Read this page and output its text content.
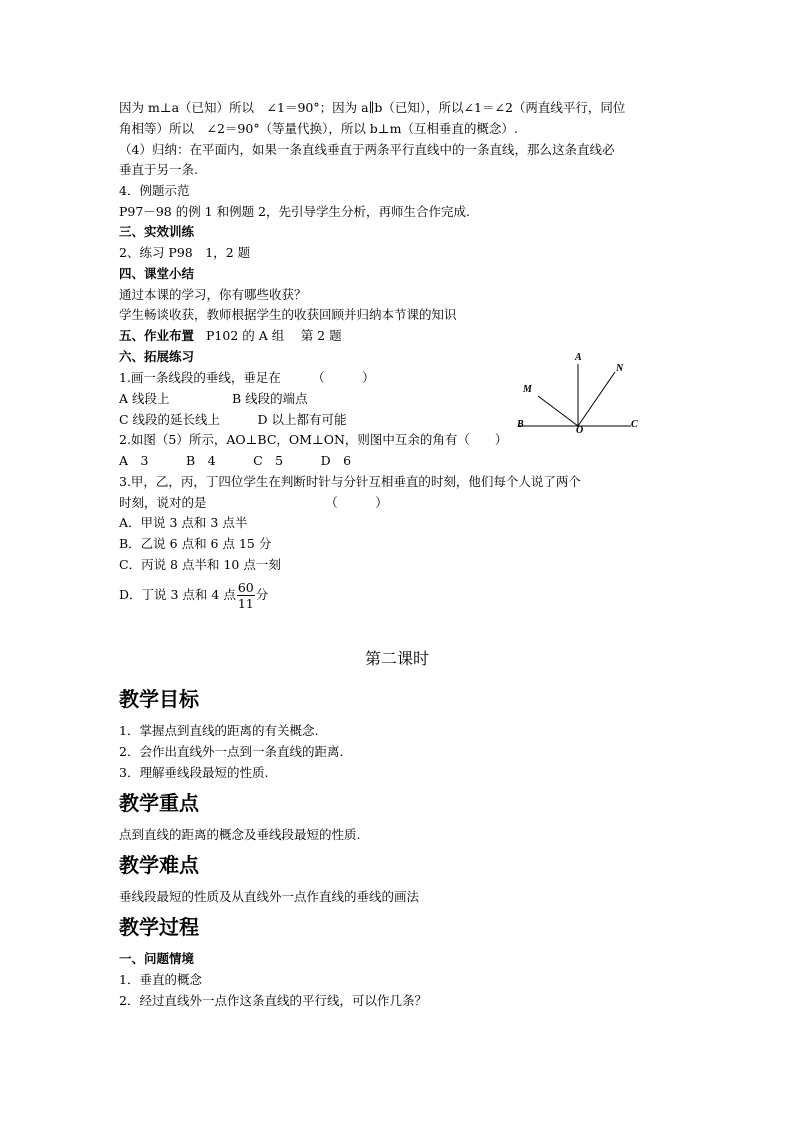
因为 m⊥a（已知）所以　∠1＝90°；因为 a∥b（已知），所以∠1＝∠2（两直线平行，同位
角相等）所以　∠2＝90°（等量代换），所以 b⊥m（互相垂直的概念）.
（4）归纳：在平面内，如果一条直线垂直于两条平行直线中的一条直线，那么这条直线必
垂直于另一条.
4．例题示范
P97－98 的例 1 和例题 2，先引导学生分析，再师生合作完成.
三、实效训练
2、练习 P98　1，2 题
四、课堂小结
通过本课的学习，你有哪些收获？
学生畅谈收获，教师根据学生的收获回顾并归纳本节课的知识
五、作业布置 P102 的 A 组　 第 2 题
六、拓展练习
1.画一条线段的垂线，垂足在　　　（　　　）
A 线段上　　　　　B 线段的端点
C 线段的延长线上　　　D 以上都有可能
2.如图（5）所示，AO⊥BC，OM⊥ON，则图中互余的角有（　　）
A　3　　　B　4　　　C　5　　　D　6
3.甲，乙，丙，丁四位学生在判断时针与分针互相垂直的时刻，他们每个人说了两个
时刻，说对的是　　　　　　　　　　（　　　）
A．甲说 3 点和 3 点半
B．乙说 6 点和 6 点 15 分
C．丙说 8 点半和 10 点一刻
D．丁说 3 点和 4 点 $\frac{60}{11}$ 分
A
N
M
B
O
C
第二课时
教学目标
1．掌握点到直线的距离的有关概念.
2．会作出直线外一点到一条直线的距离.
3．理解垂线段最短的性质.
教学重点
点到直线的距离的概念及垂线段最短的性质.
教学难点
垂线段最短的性质及从直线外一点作直线的垂线的画法
教学过程
一、问题情境
1．垂直的概念
2．经过直线外一点作这条直线的平行线，可以作几条？
